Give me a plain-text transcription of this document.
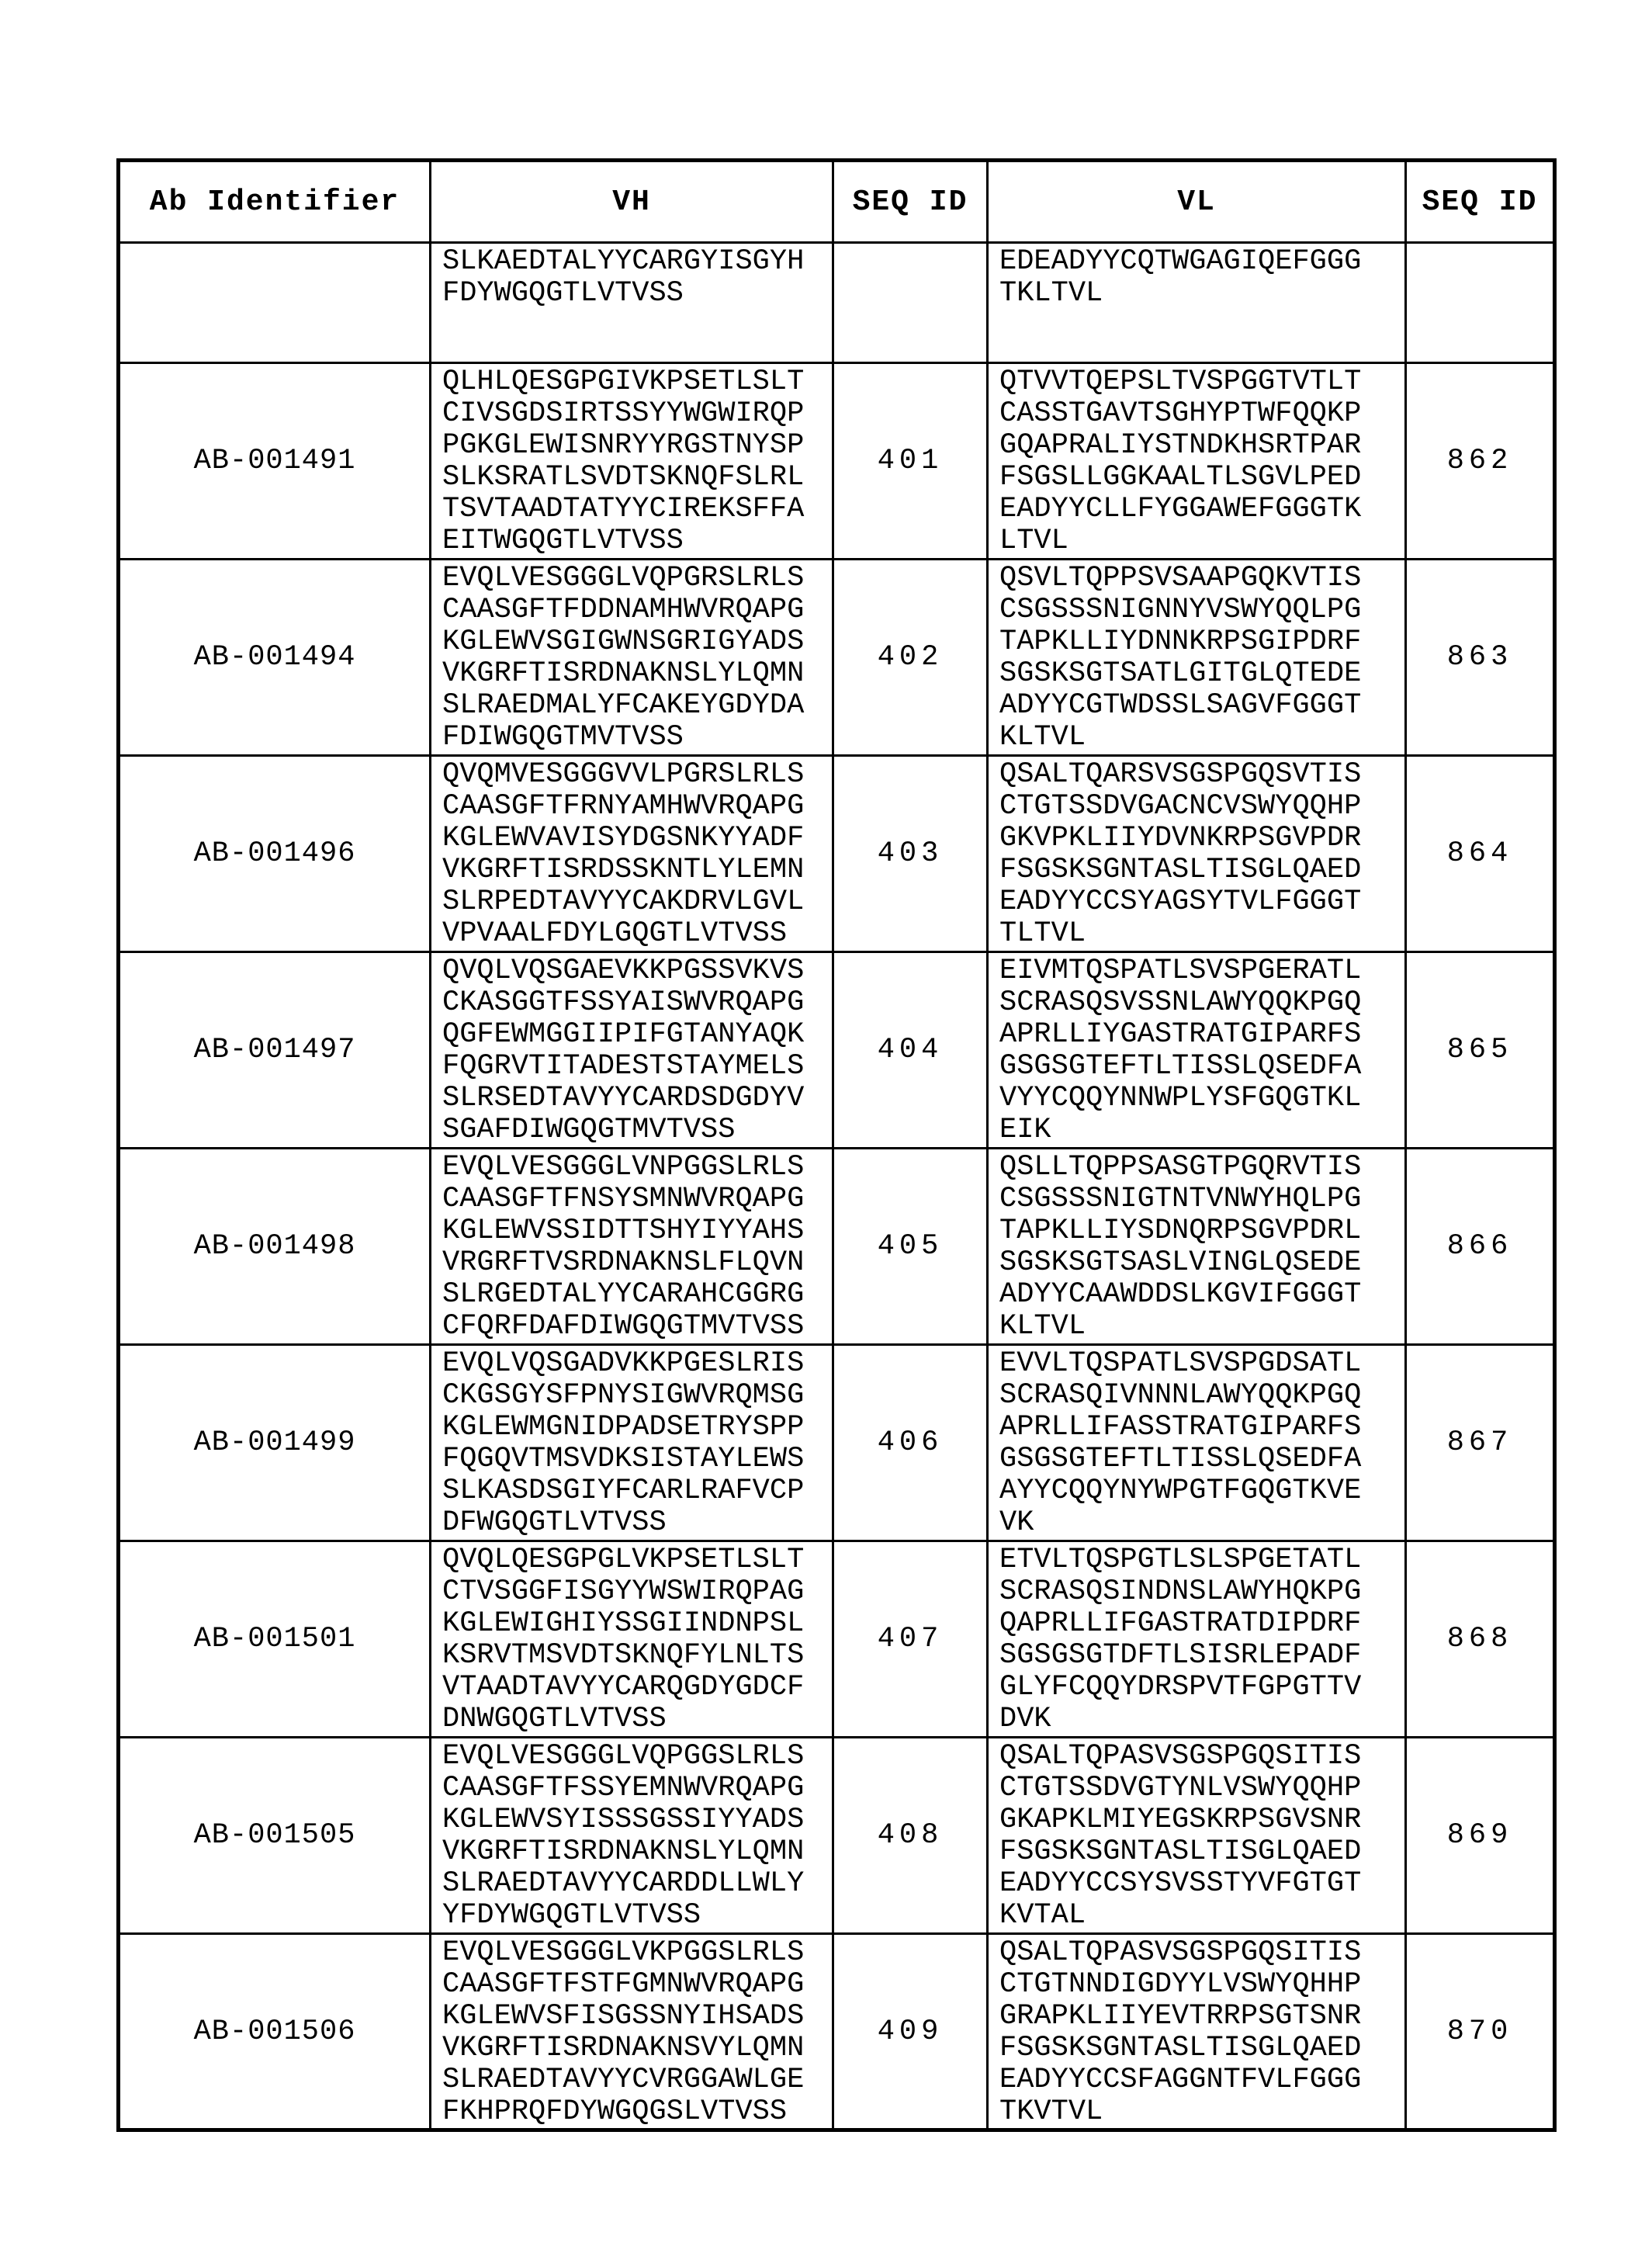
Ab Identifier	VH	SEQ ID	VL	SEQ ID
	SLKAEDTALYYCARGYISGYH
FDYWGQGTLVTVSS		EDEADYYCQTWGAGIQEFGGG
TKLTVL	
AB-001491	QLHLQESGPGIVKPSETLSLT
CIVSGDSIRTSSYYWGWIRQP
PGKGLEWISNRYYRGSTNYSP
SLKSRATLSVDTSKNQFSLRL
TSVTAADTATYYCIREKSFFA
EITWGQGTLVTVSS	401	QTVVTQEPSLTVSPGGTVTLT
CASSTGAVTSGHYPTWFQQKP
GQAPRALIYSTNDKHSRTPAR
FSGSLLGGKAALTLSGVLPED
EADYYCLLFYGGAWEFGGGTK
LTVL	862
AB-001494	EVQLVESGGGLVQPGRSLRLS
CAASGFTFDDNAMHWVRQAPG
KGLEWVSGIGWNSGRIGYADS
VKGRFTISRDNAKNSLYLQMN
SLRAEDMALYFCAKEYGDYDA
FDIWGQGTMVTVSS	402	QSVLTQPPSVSAAPGQKVTIS
CSGSSSNIGNNYVSWYQQLPG
TAPKLLIYDNNKRPSGIPDRF
SGSKSGTSATLGITGLQTEDE
ADYYCGTWDSSLSAGVFGGGT
KLTVL	863
AB-001496	QVQMVESGGGVVLPGRSLRLS
CAASGFTFRNYAMHWVRQAPG
KGLEWVAVISYDGSNKYYADF
VKGRFTISRDSSKNTLYLEMN
SLRPEDTAVYYCAKDRVLGVL
VPVAALFDYLGQGTLVTVSS	403	QSALTQARSVSGSPGQSVTIS
CTGTSSDVGACNCVSWYQQHP
GKVPKLIIYDVNKRPSGVPDR
FSGSKSGNTASLTISGLQAED
EADYYCCSYAGSYTVLFGGGT
TLTVL	864
AB-001497	QVQLVQSGAEVKKPGSSVKVS
CKASGGTFSSYAISWVRQAPG
QGFEWMGGIIPIFGTANYAQK
FQGRVTITADESTSTAYMELS
SLRSEDTAVYYCARDSDGDYV
SGAFDIWGQGTMVTVSS	404	EIVMTQSPATLSVSPGERATL
SCRASQSVSSNLAWYQQKPGQ
APRLLIYGASTRATGIPARFS
GSGSGTEFTLTISSLQSEDFA
VYYCQQYNNWPLYSFGQGTKL
EIK	865
AB-001498	EVQLVESGGGLVNPGGSLRLS
CAASGFTFNSYSMNWVRQAPG
KGLEWVSSIDTTSHYIYYAHS
VRGRFTVSRDNAKNSLFLQVN
SLRGEDTALYYCARAHCGGRG
CFQRFDAFDIWGQGTMVTVSS	405	QSLLTQPPSASGTPGQRVTIS
CSGSSSNIGTNTVNWYHQLPG
TAPKLLIYSDNQRPSGVPDRL
SGSKSGTSASLVINGLQSEDE
ADYYCAAWDDSLKGVIFGGGT
KLTVL	866
AB-001499	EVQLVQSGADVKKPGESLRIS
CKGSGYSFPNYSIGWVRQMSG
KGLEWMGNIDPADSETRYSPP
FQGQVTMSVDKSISTAYLEWS
SLKASDSGIYFCARLRAFVCP
DFWGQGTLVTVSS	406	EVVLTQSPATLSVSPGDSATL
SCRASQIVNNNLAWYQQKPGQ
APRLLIFASSTRATGIPARFS
GSGSGTEFTLTISSLQSEDFA
AYYCQQYNYWPGTFGQGTKVE
VK	867
AB-001501	QVQLQESGPGLVKPSETLSLT
CTVSGGFISGYYWSWIRQPAG
KGLEWIGHIYSSGIINDNPSL
KSRVTMSVDTSKNQFYLNLTS
VTAADTAVYYCARQGDYGDCF
DNWGQGTLVTVSS	407	ETVLTQSPGTLSLSPGETATL
SCRASQSINDNSLAWYHQKPG
QAPRLLIFGASTRATDIPDRF
SGSGSGTDFTLSISRLEPADF
GLYFCQQYDRSPVTFGPGTTV
DVK	868
AB-001505	EVQLVESGGGLVQPGGSLRLS
CAASGFTFSSYEMNWVRQAPG
KGLEWVSYISSSGSSIYYADS
VKGRFTISRDNAKNSLYLQMN
SLRAEDTAVYYCARDDLLWLY
YFDYWGQGTLVTVSS	408	QSALTQPASVSGSPGQSITIS
CTGTSSDVGTYNLVSWYQQHP
GKAPKLMIYEGSKRPSGVSNR
FSGSKSGNTASLTISGLQAED
EADYYCCSYSVSSTYVFGTGT
KVTAL	869
AB-001506	EVQLVESGGGLVKPGGSLRLS
CAASGFTFSTFGMNWVRQAPG
KGLEWVSFISGSSNYIHSADS
VKGRFTISRDNAKNSVYLQMN
SLRAEDTAVYYCVRGGAWLGE
FKHPRQFDYWGQGSLVTVSS	409	QSALTQPASVSGSPGQSITIS
CTGTNNDIGDYYLVSWYQHHP
GRAPKLIIYEVTRRPSGTSNR
FSGSKSGNTASLTISGLQAED
EADYYCCSFAGGNTFVLFGGG
TKVTVL	870
